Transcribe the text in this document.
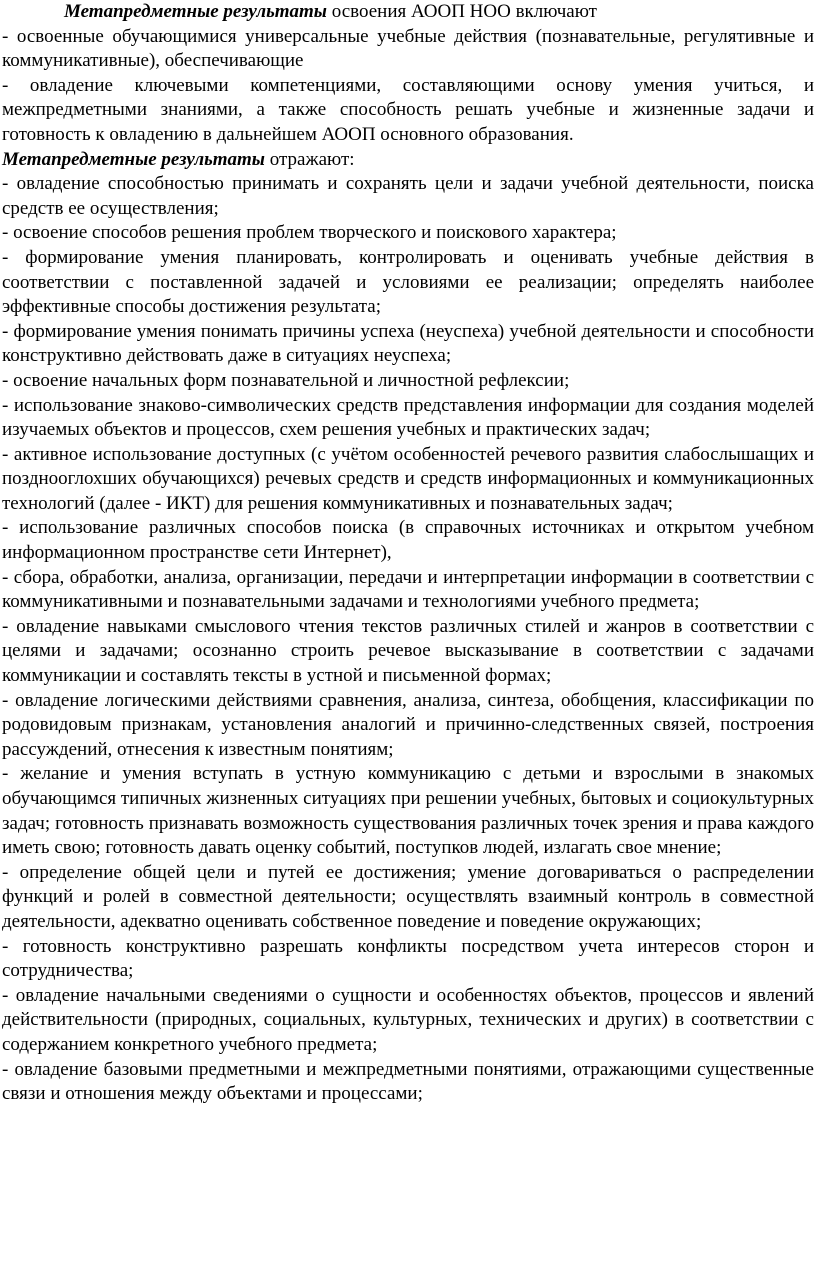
Метапредметные результаты освоения АООП НОО включают

- освоенные обучающимися универсальные учебные действия (познавательные, регулятивные и коммуникативные), обеспечивающие

- овладение ключевыми компетенциями, составляющими основу умения учиться, и межпредметными знаниями, а также способность решать учебные и жизненные задачи и готовность к овладению в дальнейшем АООП основного образования.

Метапредметные результаты отражают:

- овладение способностью принимать и сохранять цели и задачи учебной деятельности, поиска средств ее осуществления;

- освоение способов решения проблем творческого и поискового характера;

- формирование умения планировать, контролировать и оценивать учебные действия в соответствии с поставленной задачей и условиями ее реализации; определять наиболее эффективные способы достижения результата;

- формирование умения понимать причины успеха (неуспеха) учебной деятельности и способности конструктивно действовать даже в ситуациях неуспеха;

- освоение начальных форм познавательной и личностной рефлексии;

- использование знаково-символических средств представления информации для создания моделей изучаемых объектов и процессов, схем решения учебных и практических задач;

- активное использование доступных (с учётом особенностей речевого развития слабослышащих и позднооглохших обучающихся) речевых средств и средств информационных и коммуникационных технологий (далее - ИКТ) для решения коммуникативных и познавательных задач;

- использование различных способов поиска (в справочных источниках и открытом учебном информационном пространстве сети Интернет),

- сбора, обработки, анализа, организации, передачи и интерпретации информации в соответствии с коммуникативными и познавательными задачами и технологиями учебного предмета;

- овладение навыками смыслового чтения текстов различных стилей и жанров в соответствии с целями и задачами; осознанно строить речевое высказывание в соответствии с задачами коммуникации и составлять тексты в устной и письменной формах;

- овладение логическими действиями сравнения, анализа, синтеза, обобщения, классификации по родовидовым признакам, установления аналогий и причинно-следственных связей, построения рассуждений, отнесения к известным понятиям;

- желание и умения вступать в устную коммуникацию с детьми и взрослыми в знакомых обучающимся типичных жизненных ситуациях при решении учебных, бытовых и социокультурных задач; готовность признавать возможность существования различных точек зрения и права каждого иметь свою; готовность давать оценку событий, поступков людей, излагать свое мнение;

- определение общей цели и путей ее достижения; умение договариваться о распределении функций и ролей в совместной деятельности; осуществлять взаимный контроль в совместной деятельности, адекватно оценивать собственное поведение и поведение окружающих;

- готовность конструктивно разрешать конфликты посредством учета интересов сторон и сотрудничества;

- овладение начальными сведениями о сущности и особенностях объектов, процессов и явлений действительности (природных, социальных, культурных, технических и других) в соответствии с содержанием конкретного учебного предмета;

- овладение базовыми предметными и межпредметными понятиями, отражающими существенные связи и отношения между объектами и процессами;
